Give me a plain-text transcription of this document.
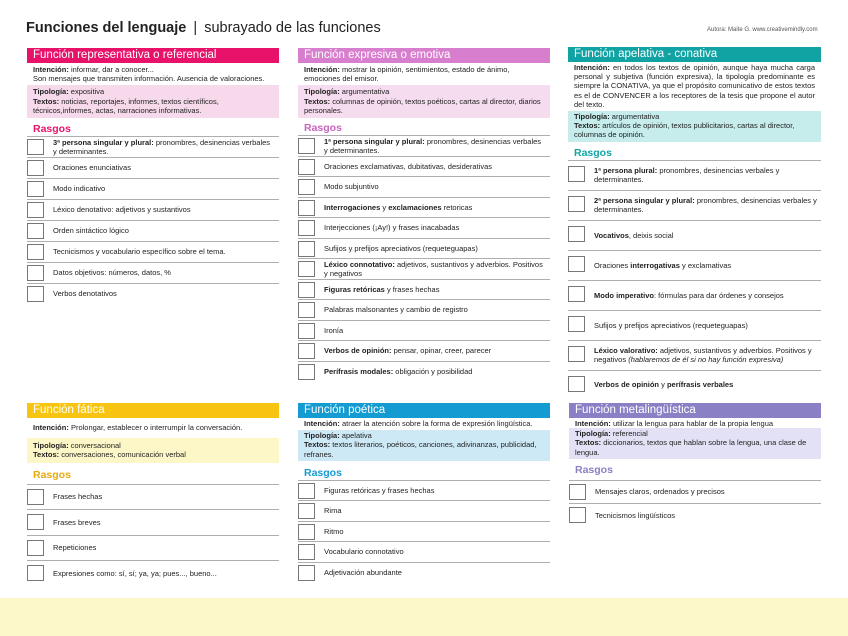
Funciones del lenguaje | subrayado de las funciones	Autora: Maite G. www.creativemindly.com
Función representativa o referencial
Intención: informar, dar a conocer...
Son mensajes que transmiten información. Ausencia de valoraciones.
Tipología: expositiva
Textos: noticias, reportajes, informes, textos científicos, técnicos,informes, actas, narraciones informativas.
Rasgos
3ª persona singular y plural: pronombres, desinencias verbales y determinantes.
Oraciones enunciativas
Modo indicativo
Léxico denotativo: adjetivos y sustantivos
Orden sintáctico lógico
Tecnicismos y vocabulario específico sobre el tema.
Datos objetivos: números, datos, %
Verbos denotativos
Función expresiva o emotiva
Intención: mostrar la opinión, sentimientos, estado de ánimo, emociones del emisor.
Tipología: argumentativa
Textos: columnas de opinión, textos poéticos, cartas al director, diarios personales.
Rasgos
1ª persona singular y plural: pronombres, desinencias verbales y determinantes.
Oraciones exclamativas, dubitativas, desiderativas
Modo subjuntivo
Interrogaciones y exclamaciones retoricas
Interjecciones (¡Ay!) y frases inacabadas
Sufijos y prefijos apreciativos (requeteguapas)
Léxico connotativo: adjetivos, sustantivos y adverbios. Positivos y negativos
Figuras retóricas y frases hechas
Palabras malsonantes y cambio de registro
Ironía
Verbos de opinión: pensar, opinar, creer, parecer
Perífrasis modales: obligación y posibilidad
Función apelativa - conativa
Intención: en todos los textos de opinión, aunque haya mucha carga personal y subjetiva (función expresiva), la tipología predominante es siempre la CONATIVA, ya que el propósito comunicativo de estos textos es el de CONVENCER a los receptores de la tesis que propone el autor del texto.
Tipología: argumentativa
Textos: artículos de opinión, textos publicitarios, cartas al director, columnas de opinión.
Rasgos
1ª persona plural: pronombres, desinencias verbales y determinantes.
2ª persona singular y plural: pronombres, desinencias verbales y determinantes.
Vocativos, deixis social
Oraciones interrogativas y exclamativas
Modo imperativo: fórmulas para dar órdenes y consejos
Sufijos y prefijos apreciativos (requeteguapas)
Léxico valorativo: adjetivos, sustantivos y adverbios. Positivos y negativos (hablaremos de él si no hay función expresiva)
Verbos de opinión y perífrasis verbales
Función fática
Intención: Prolongar, establecer o interrumpir la conversación.
Tipología: conversacional
Textos: conversaciones, comunicación verbal
Rasgos
Frases hechas
Frases breves
Repeticiones
Expresiones como: sí, sí; ya, ya; pues..., bueno...
Función poética
Intención: atraer la atención sobre la forma de expresión lingüística.
Tipología: apelativa
Textos: textos literarios, poéticos, canciones, adivinanzas, publicidad, refranes.
Rasgos
Figuras retóricas y frases hechas
Rima
Ritmo
Vocabulario connotativo
Adjetivación abundante
Función metalingüística
Intención: utilizar la lengua para hablar de la propia lengua
Tipología: referencial
Textos: diccionarios, textos que hablan sobre la lengua, una clase de lengua.
Rasgos
Mensajes claros, ordenados y precisos
Tecnicismos lingüísticos
